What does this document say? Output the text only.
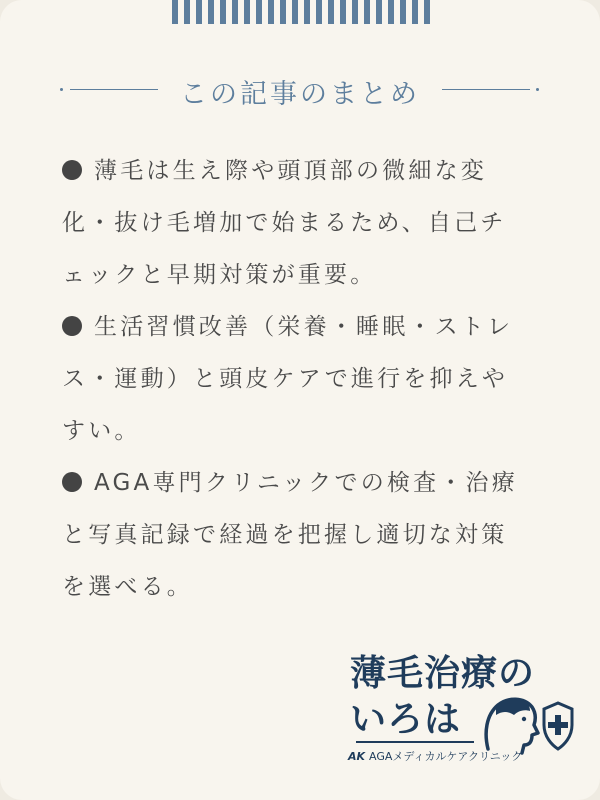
この記事のまとめ

薄毛は生え際や頭頂部の微細な変
化・抜け毛増加で始まるため、自己チ
ェックと早期対策が重要。

生活習慣改善（栄養・睡眠・ストレ
ス・運動）と頭皮ケアで進行を抑えや
すい。

AGA専門クリニックでの検査・治療
と写真記録で経過を把握し適切な対策
を選べる。

薄毛治療の
いろは
AK AGAメディカルケアクリニック
